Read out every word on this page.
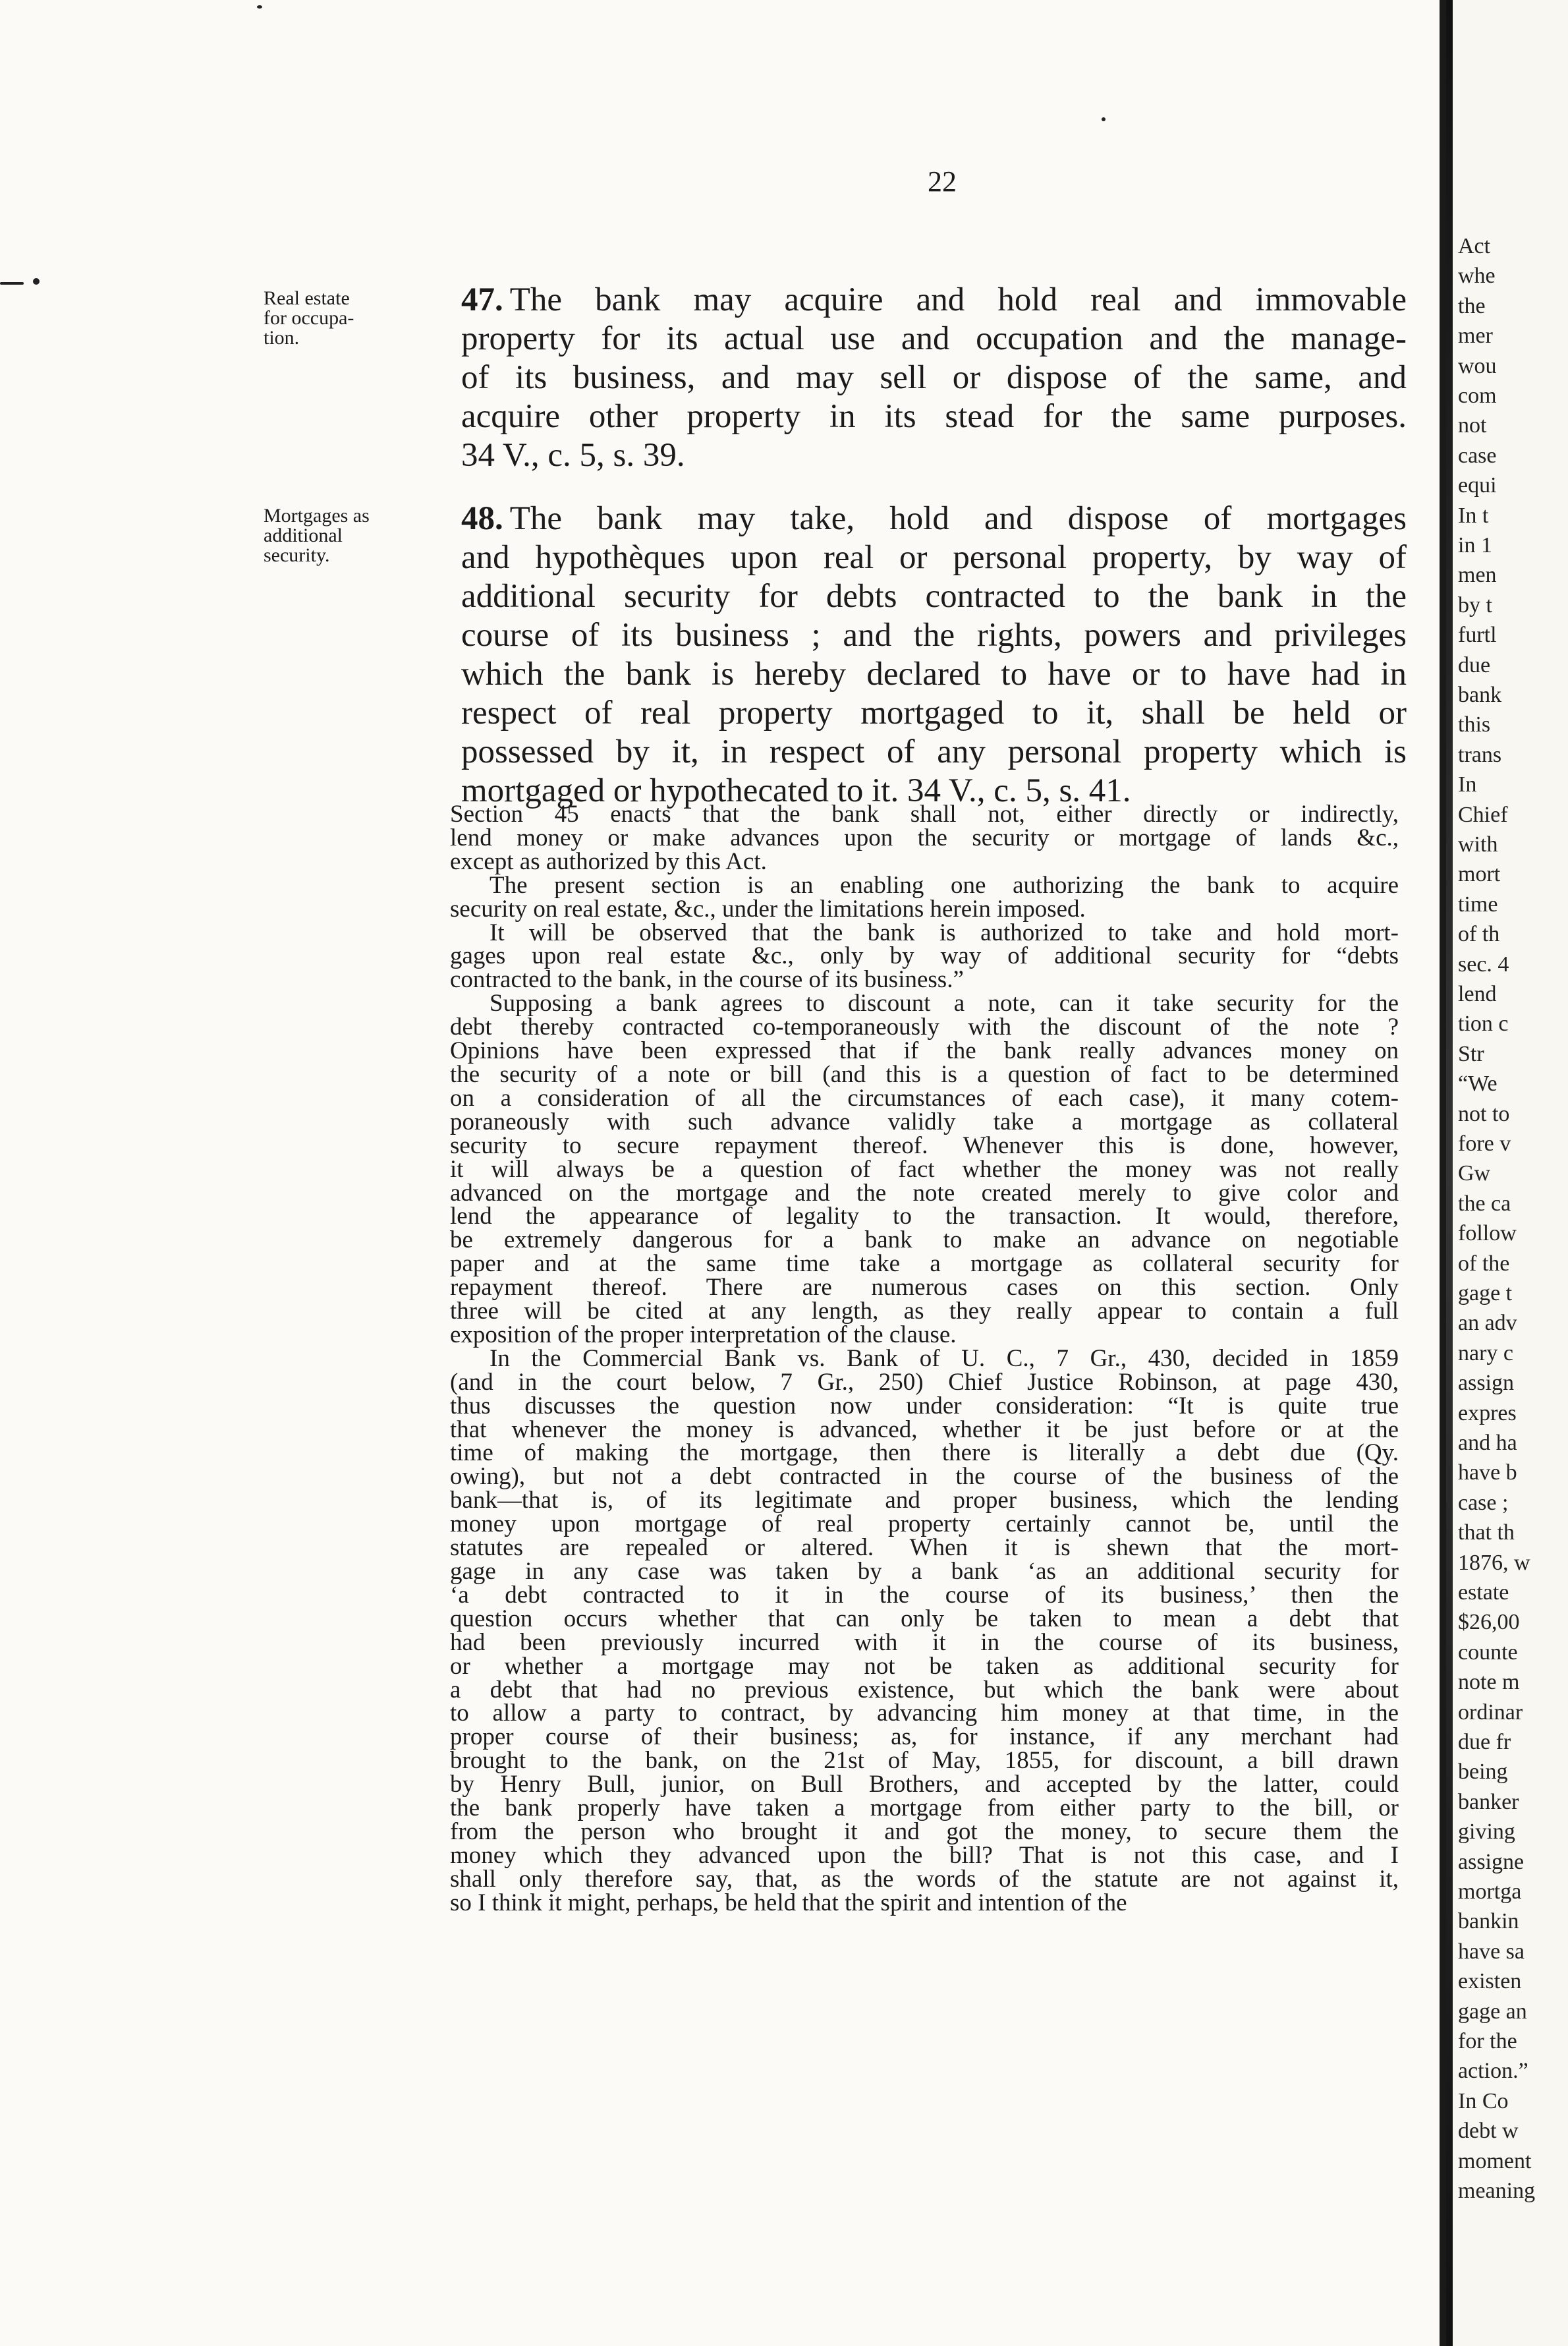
22
Real estate
for occupa-
tion.
Mortgages as
additional
security.
47. The bank may acquire and hold real and immovable
property for its actual use and occupation and the manage-
of its business, and may sell or dispose of the same, and
acquire other property in its stead for the same purposes.
34 V., c. 5, s. 39.
48. The bank may take, hold and dispose of mortgages
and hypothèques upon real or personal property, by way of
additional security for debts contracted to the bank in the
course of its business ; and the rights, powers and privileges
which the bank is hereby declared to have or to have had in
respect of real property mortgaged to it, shall be held or
possessed by it, in respect of any personal property which is
mortgaged or hypothecated to it. 34 V., c. 5, s. 41.
Section 45 enacts that the bank shall not, either directly or indirectly,
lend money or make advances upon the security or mortgage of lands &c.,
except as authorized by this Act.
The present section is an enabling one authorizing the bank to acquire
security on real estate, &c., under the limitations herein imposed.
It will be observed that the bank is authorized to take and hold mort-
gages upon real estate &c., only by way of additional security for “debts
contracted to the bank, in the course of its business.”
Supposing a bank agrees to discount a note, can it take security for the
debt thereby contracted co-temporaneously with the discount of the note ?
Opinions have been expressed that if the bank really advances money on
the security of a note or bill (and this is a question of fact to be determined
on a consideration of all the circumstances of each case), it many cotem-
poraneously with such advance validly take a mortgage as collateral
security to secure repayment thereof. Whenever this is done, however,
it will always be a question of fact whether the money was not really
advanced on the mortgage and the note created merely to give color and
lend the appearance of legality to the transaction. It would, therefore,
be extremely dangerous for a bank to make an advance on negotiable
paper and at the same time take a mortgage as collateral security for
repayment thereof. There are numerous cases on this section. Only
three will be cited at any length, as they really appear to contain a full
exposition of the proper interpretation of the clause.
In the Commercial Bank vs. Bank of U. C., 7 Gr., 430, decided in 1859
(and in the court below, 7 Gr., 250) Chief Justice Robinson, at page 430,
thus discusses the question now under consideration: “It is quite true
that whenever the money is advanced, whether it be just before or at the
time of making the mortgage, then there is literally a debt due (Qy.
owing), but not a debt contracted in the course of the business of the
bank—that is, of its legitimate and proper business, which the lending
money upon mortgage of real property certainly cannot be, until the
statutes are repealed or altered. When it is shewn that the mort-
gage in any case was taken by a bank ‘as an additional security for
‘a debt contracted to it in the course of its business,’ then the
question occurs whether that can only be taken to mean a debt that
had been previously incurred with it in the course of its business,
or whether a mortgage may not be taken as additional security for
a debt that had no previous existence, but which the bank were about
to allow a party to contract, by advancing him money at that time, in the
proper course of their business; as, for instance, if any merchant had
brought to the bank, on the 21st of May, 1855, for discount, a bill drawn
by Henry Bull, junior, on Bull Brothers, and accepted by the latter, could
the bank properly have taken a mortgage from either party to the bill, or
from the person who brought it and got the money, to secure them the
money which they advanced upon the bill? That is not this case, and I
shall only therefore say, that, as the words of the statute are not against it,
so I think it might, perhaps, be held that the spirit and intention of the
Act
whe
the
mer
wou
com
not
case
equi
In t
in 1
men
by t
furtl
due
bank
this
trans
In
Chief
with
mort
time
of th
sec. 4
lend
tion c
Str
“We
not to
fore v
Gw
the ca
follow
of the
gage t
an adv
nary c
assign
expres
and ha
have b
case ;
that th
1876, w
estate
$26,00
counte
note m
ordinar
due fr
being
banker
giving
assigne
mortga
bankin
have sa
existen
gage an
for the
action.”
In Co
debt w
moment
meaning
